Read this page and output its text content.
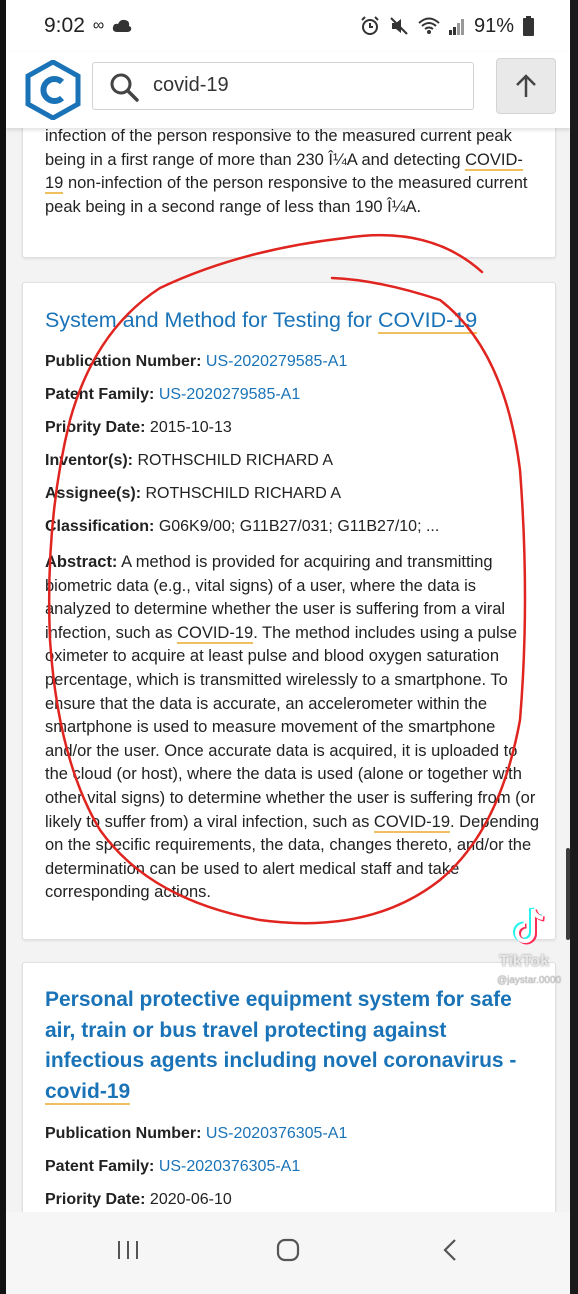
9:02 ∞	91%
covid-19
infection of the person responsive to the measured current peak being in a first range of more than 230 Î¼A and detecting COVID-19 non-infection of the person responsive to the measured current peak being in a second range of less than 190 Î¼A.
System and Method for Testing for COVID-19
Publication Number: US-2020279585-A1
Patent Family: US-2020279585-A1
Priority Date: 2015-10-13
Inventor(s): ROTHSCHILD RICHARD A
Assignee(s): ROTHSCHILD RICHARD A
Classification: G06K9/00; G11B27/031; G11B27/10; ...
Abstract: A method is provided for acquiring and transmitting biometric data (e.g., vital signs) of a user, where the data is analyzed to determine whether the user is suffering from a viral infection, such as COVID-19. The method includes using a pulse oximeter to acquire at least pulse and blood oxygen saturation percentage, which is transmitted wirelessly to a smartphone. To ensure that the data is accurate, an accelerometer within the smartphone is used to measure movement of the smartphone and/or the user. Once accurate data is acquired, it is uploaded to the cloud (or host), where the data is used (alone or together with other vital signs) to determine whether the user is suffering from (or likely to suffer from) a viral infection, such as COVID-19. Depending on the specific requirements, the data, changes thereto, and/or the determination can be used to alert medical staff and take corresponding actions.
Personal protective equipment system for safe air, train or bus travel protecting against infectious agents including novel coronavirus - covid-19
Publication Number: US-2020376305-A1
Patent Family: US-2020376305-A1
Priority Date: 2020-06-10
TikTok
@jaystar.0000
